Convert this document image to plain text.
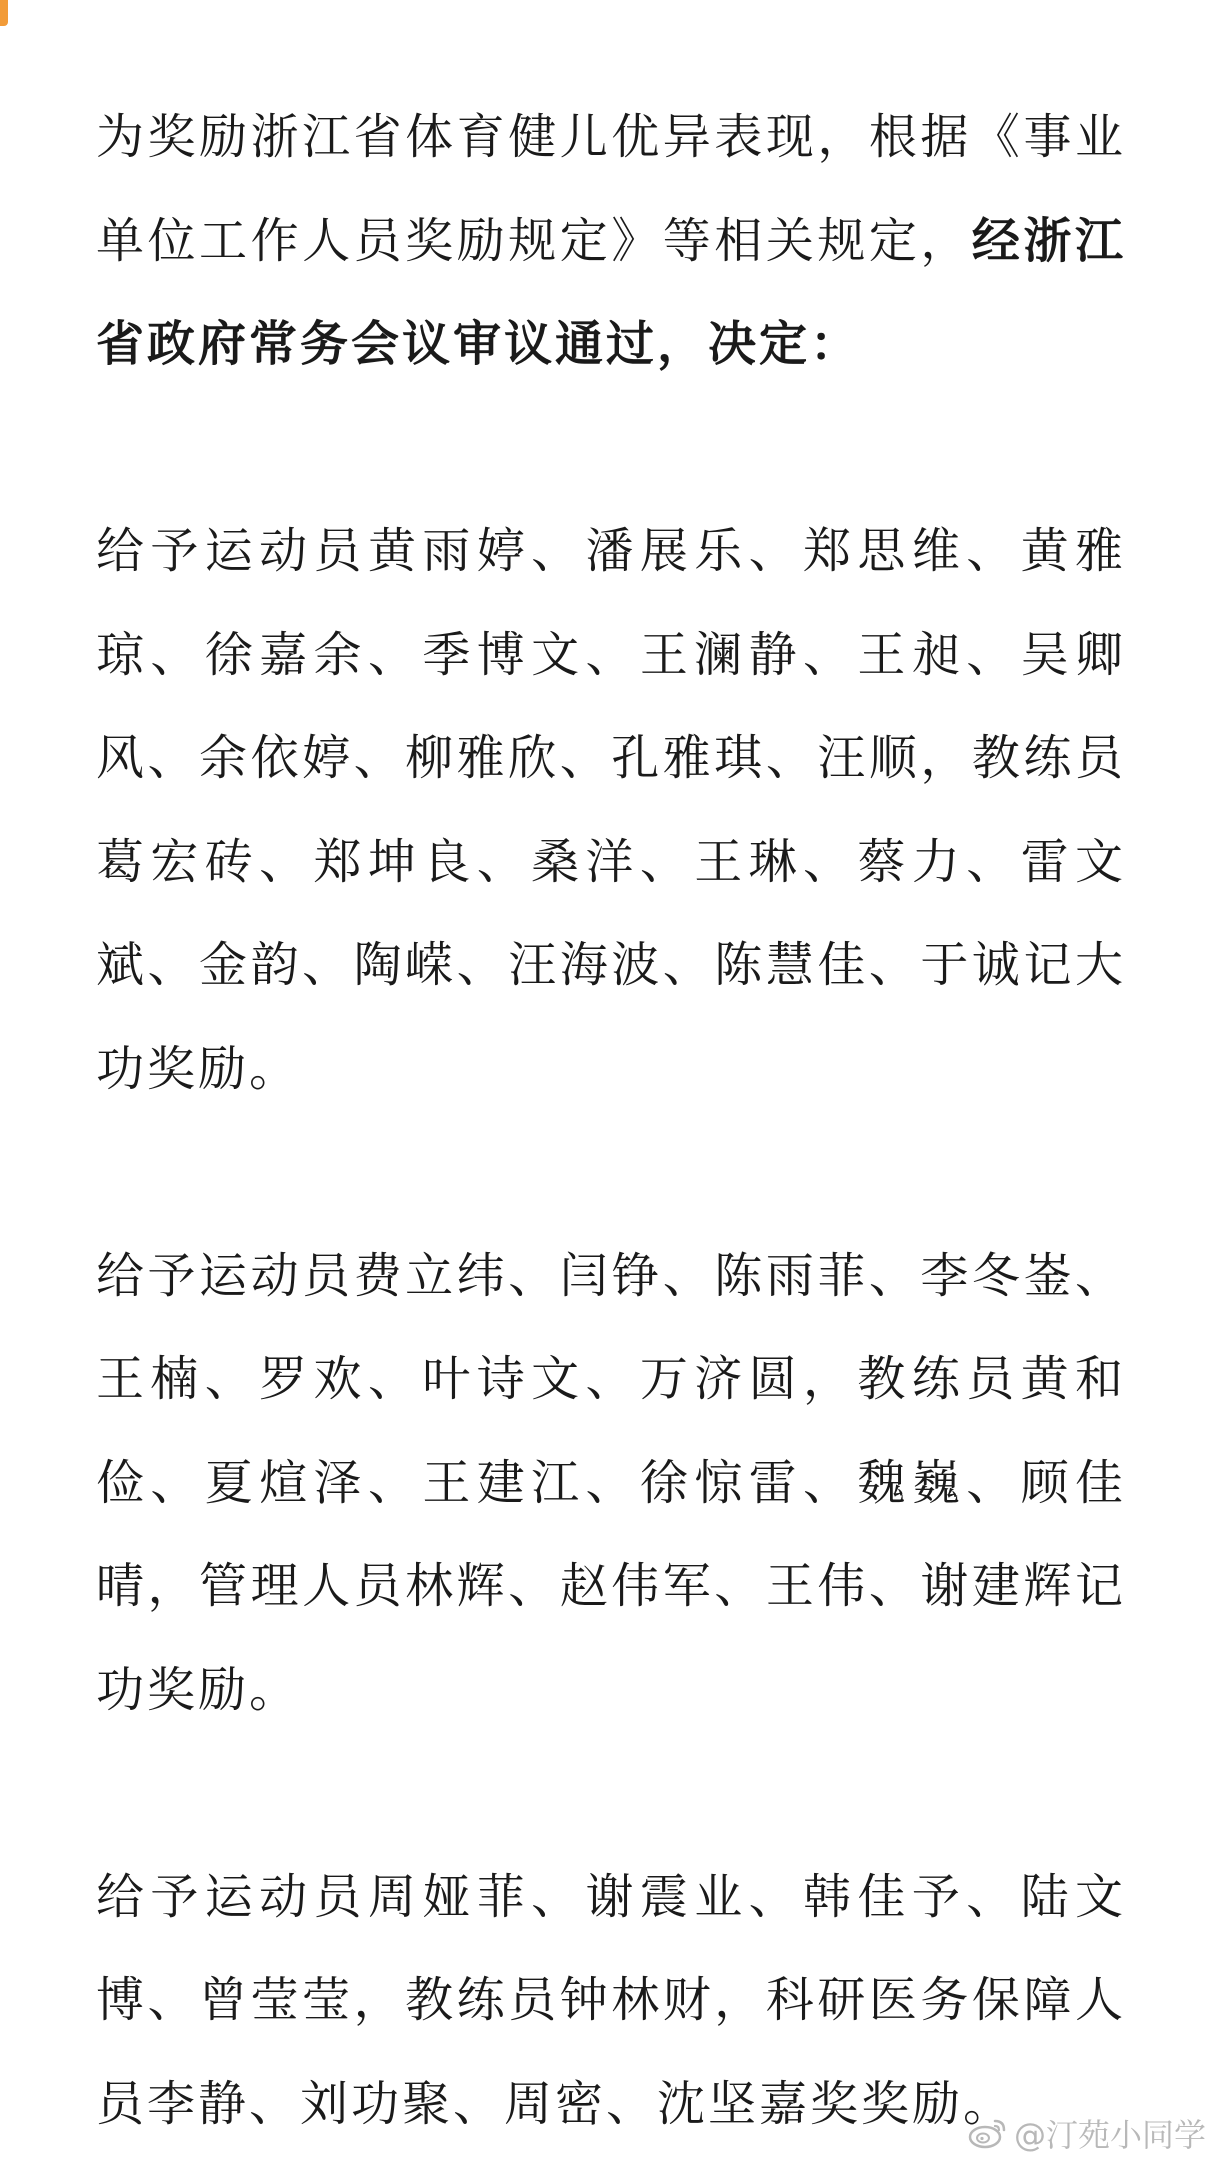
为奖励浙江省体育健儿优异表现，根据《事业单位工作人员奖励规定》等相关规定，经浙江省政府常务会议审议通过，决定：

给予运动员黄雨婷、潘展乐、郑思维、黄雅琼、徐嘉余、季博文、王澜静、王昶、吴卿风、余依婷、柳雅欣、孔雅琪、汪顺，教练员葛宏砖、郑坤良、桑洋、王琳、蔡力、雷文斌、金韵、陶嵘、汪海波、陈慧佳、于诚记大功奖励。

给予运动员费立纬、闫铮、陈雨菲、李冬崟、王楠、罗欢、叶诗文、万济圆，教练员黄和俭、夏煊泽、王建江、徐惊雷、魏巍、顾佳晴，管理人员林辉、赵伟军、王伟、谢建辉记功奖励。

给予运动员周娅菲、谢震业、韩佳予、陆文博、曾莹莹，教练员钟林财，科研医务保障人员李静、刘功聚、周密、沈坚嘉奖奖励。

@汀苑小同学
